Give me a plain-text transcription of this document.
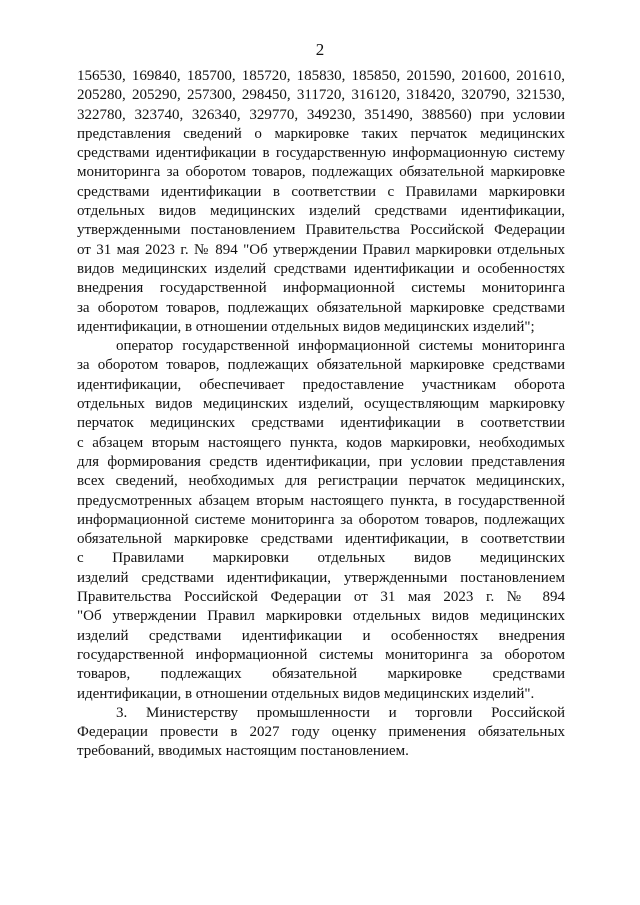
2
156530, 169840, 185700, 185720, 185830, 185850, 201590, 201600, 201610,
205280, 205290, 257300, 298450, 311720, 316120, 318420, 320790, 321530,
322780, 323740, 326340, 329770, 349230, 351490, 388560) при условии
представления сведений о маркировке таких перчаток медицинских
средствами идентификации в государственную информационную систему
мониторинга за оборотом товаров, подлежащих обязательной маркировке
средствами идентификации в соответствии с Правилами маркировки
отдельных видов медицинских изделий средствами идентификации,
утвержденными постановлением Правительства Российской Федерации
от 31 мая 2023 г. № 894 "Об утверждении Правил маркировки отдельных
видов медицинских изделий средствами идентификации и особенностях
внедрения государственной информационной системы мониторинга
за оборотом товаров, подлежащих обязательной маркировке средствами
идентификации, в отношении отдельных видов медицинских изделий";
оператор государственной информационной системы мониторинга
за оборотом товаров, подлежащих обязательной маркировке средствами
идентификации, обеспечивает предоставление участникам оборота
отдельных видов медицинских изделий, осуществляющим маркировку
перчаток медицинских средствами идентификации в соответствии
с абзацем вторым настоящего пункта, кодов маркировки, необходимых
для формирования средств идентификации, при условии представления
всех сведений, необходимых для регистрации перчаток медицинских,
предусмотренных абзацем вторым настоящего пункта, в государственной
информационной системе мониторинга за оборотом товаров, подлежащих
обязательной маркировке средствами идентификации, в соответствии
с Правилами маркировки отдельных видов медицинских
изделий средствами идентификации, утвержденными постановлением
Правительства Российской Федерации от 31 мая 2023 г. № 894
"Об утверждении Правил маркировки отдельных видов медицинских
изделий средствами идентификации и особенностях внедрения
государственной информационной системы мониторинга за оборотом
товаров, подлежащих обязательной маркировке средствами
идентификации, в отношении отдельных видов медицинских изделий".
3. Министерству промышленности и торговли Российской
Федерации провести в 2027 году оценку применения обязательных
требований, вводимых настоящим постановлением.
